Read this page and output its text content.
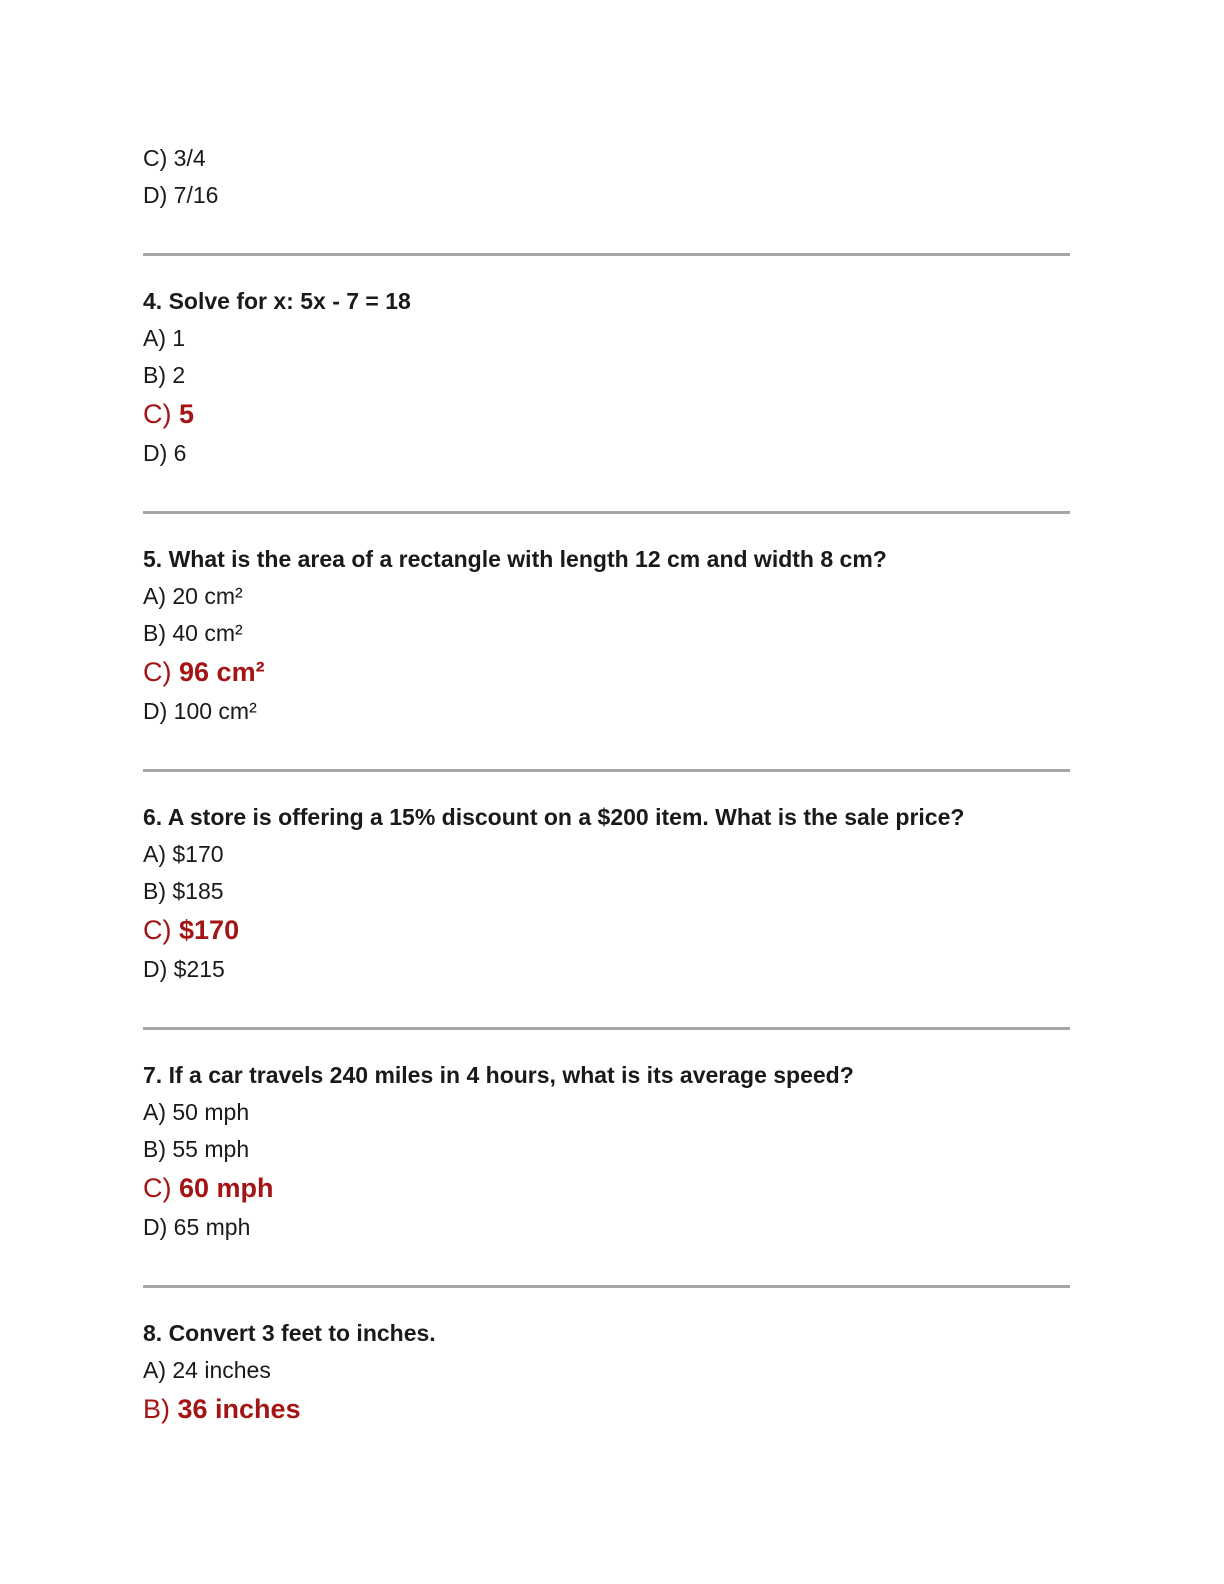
C) 3/4
D) 7/16
4. Solve for x: 5x - 7 = 18
A) 1
B) 2
C) 5
D) 6
5. What is the area of a rectangle with length 12 cm and width 8 cm?
A) 20 cm²
B) 40 cm²
C) 96 cm²
D) 100 cm²
6. A store is offering a 15% discount on a $200 item. What is the sale price?
A) $170
B) $185
C) $170
D) $215
7. If a car travels 240 miles in 4 hours, what is its average speed?
A) 50 mph
B) 55 mph
C) 60 mph
D) 65 mph
8. Convert 3 feet to inches.
A) 24 inches
B) 36 inches
